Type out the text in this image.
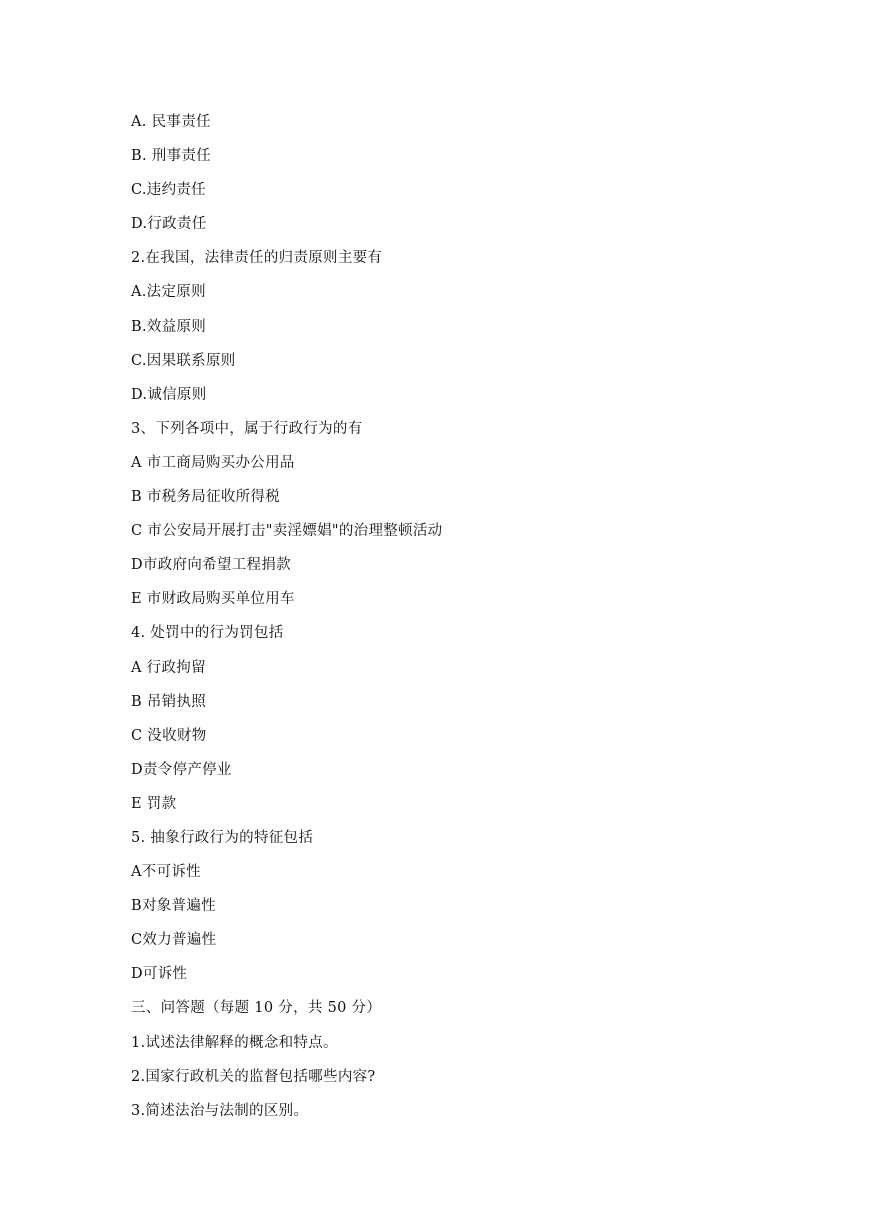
A. 民事责任
B. 刑事责任
C.违约责任
D.行政责任
2.在我国，法律责任的归责原则主要有
A.法定原则
B.效益原则
C.因果联系原则
D.诚信原则
3、下列各项中，属于行政行为的有
A 市工商局购买办公用品
B 市税务局征收所得税
C 市公安局开展打击"卖淫嫖娼"的治理整顿活动
D市政府向希望工程捐款
E 市财政局购买单位用车
4. 处罚中的行为罚包括
A 行政拘留
B 吊销执照
C 没收财物
D责令停产停业
E 罚款
5. 抽象行政行为的特征包括
A不可诉性
B对象普遍性
C效力普遍性
D可诉性
三、问答题（每题 10 分，共 50 分）
1.试述法律解释的概念和特点。
2.国家行政机关的监督包括哪些内容?
3.简述法治与法制的区别。
